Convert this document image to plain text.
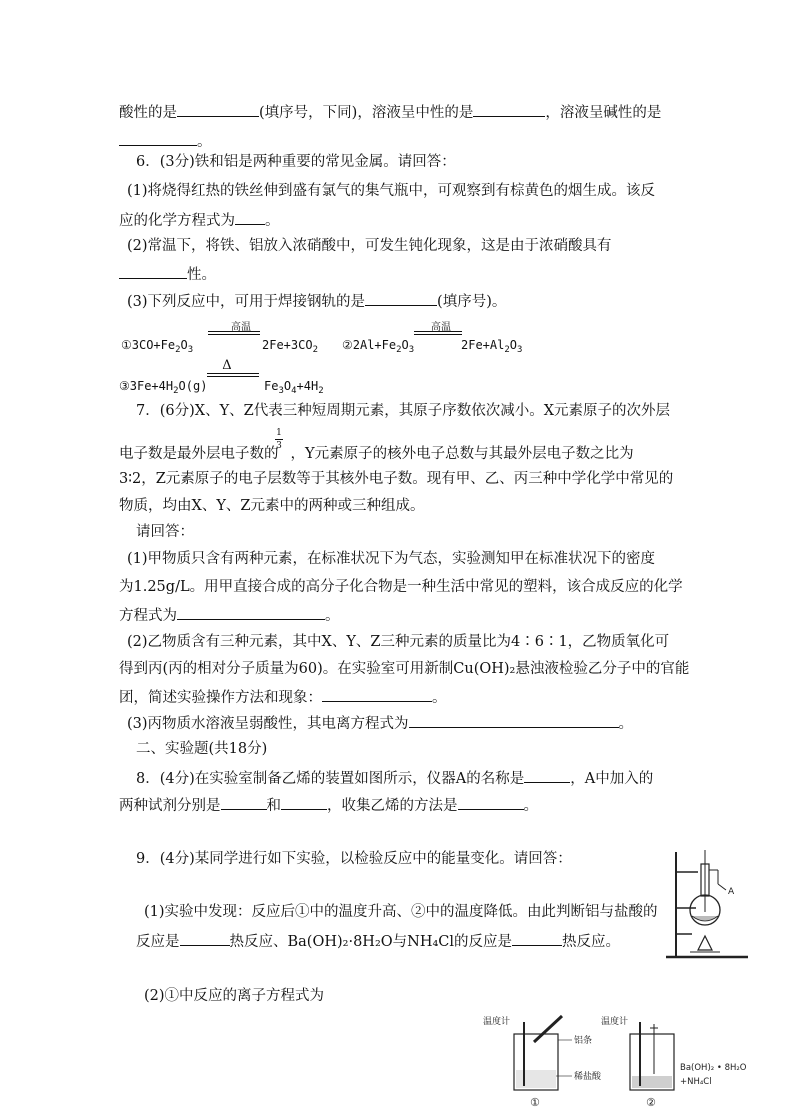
酸性的是	(填序号，下同)，溶液呈中性的是	，溶液呈碱性的是
。
6．(3分)铁和铝是两种重要的常见金属。请回答：
(1)将烧得红热的铁丝伸到盛有氯气的集气瓶中，可观察到有棕黄色的烟生成。该反
应的化学方程式为 。
(2)常温下，将铁、铝放入浓硝酸中，可发生钝化现象，这是由于浓硝酸具有
性。
(3)下列反应中，可用于焊接钢轨的是	(填序号)。
$①3CO+Fe_2O_3$
高温
$2Fe+3CO_2$ $②2Al+Fe_2O_3$
高温
$2Fe+Al_2O_3$
$③3Fe+4H_2O(g)$
Δ
$Fe_3O_4+4H_2$
7．(6分)X、Y、Z代表三种短周期元素，其原子序数依次减小。X元素原子的次外层
1
3
电子数是最外层电子数的 ，Y元素原子的核外电子总数与其最外层电子数之比为
3∶2，Z元素原子的电子层数等于其核外电子数。现有甲、乙、丙三种中学化学中常见的
物质，均由X、Y、Z元素中的两种或三种组成。
请回答：
(1)甲物质只含有两种元素，在标准状况下为气态，实验测知甲在标准状况下的密度
为1.25g/L。用甲直接合成的高分子化合物是一种生活中常见的塑料，该合成反应的化学
方程式为	。
(2)乙物质含有三种元素，其中X、Y、Z三种元素的质量比为4∶6∶1，乙物质氧化可
得到丙(丙的相对分子质量为60)。在实验室可用新制Cu(OH)₂悬浊液检验乙分子中的官能
团，简述实验操作方法和现象：	。
(3)丙物质水溶液呈弱酸性，其电离方程式为	。
二、实验题(共18分)
8．(4分)在实验室制备乙烯的装置如图所示，仪器A的名称是	，A中加入的
两种试剂分别是	和	，收集乙烯的方法是	。
9．(4分)某同学进行如下实验，以检验反应中的能量变化。请回答：
(1)实验中发现：反应后①中的温度升高、②中的温度降低。由此判断铝与盐酸的
反应是	热反应、Ba(OH)₂·8H₂O与NH₄Cl的反应是	热反应。
(2)①中反应的离子方程式为
A
温度计
铝条
稀盐酸
①
温度计
Ba(OH)₂ • 8H₂O
+NH₄Cl
②
